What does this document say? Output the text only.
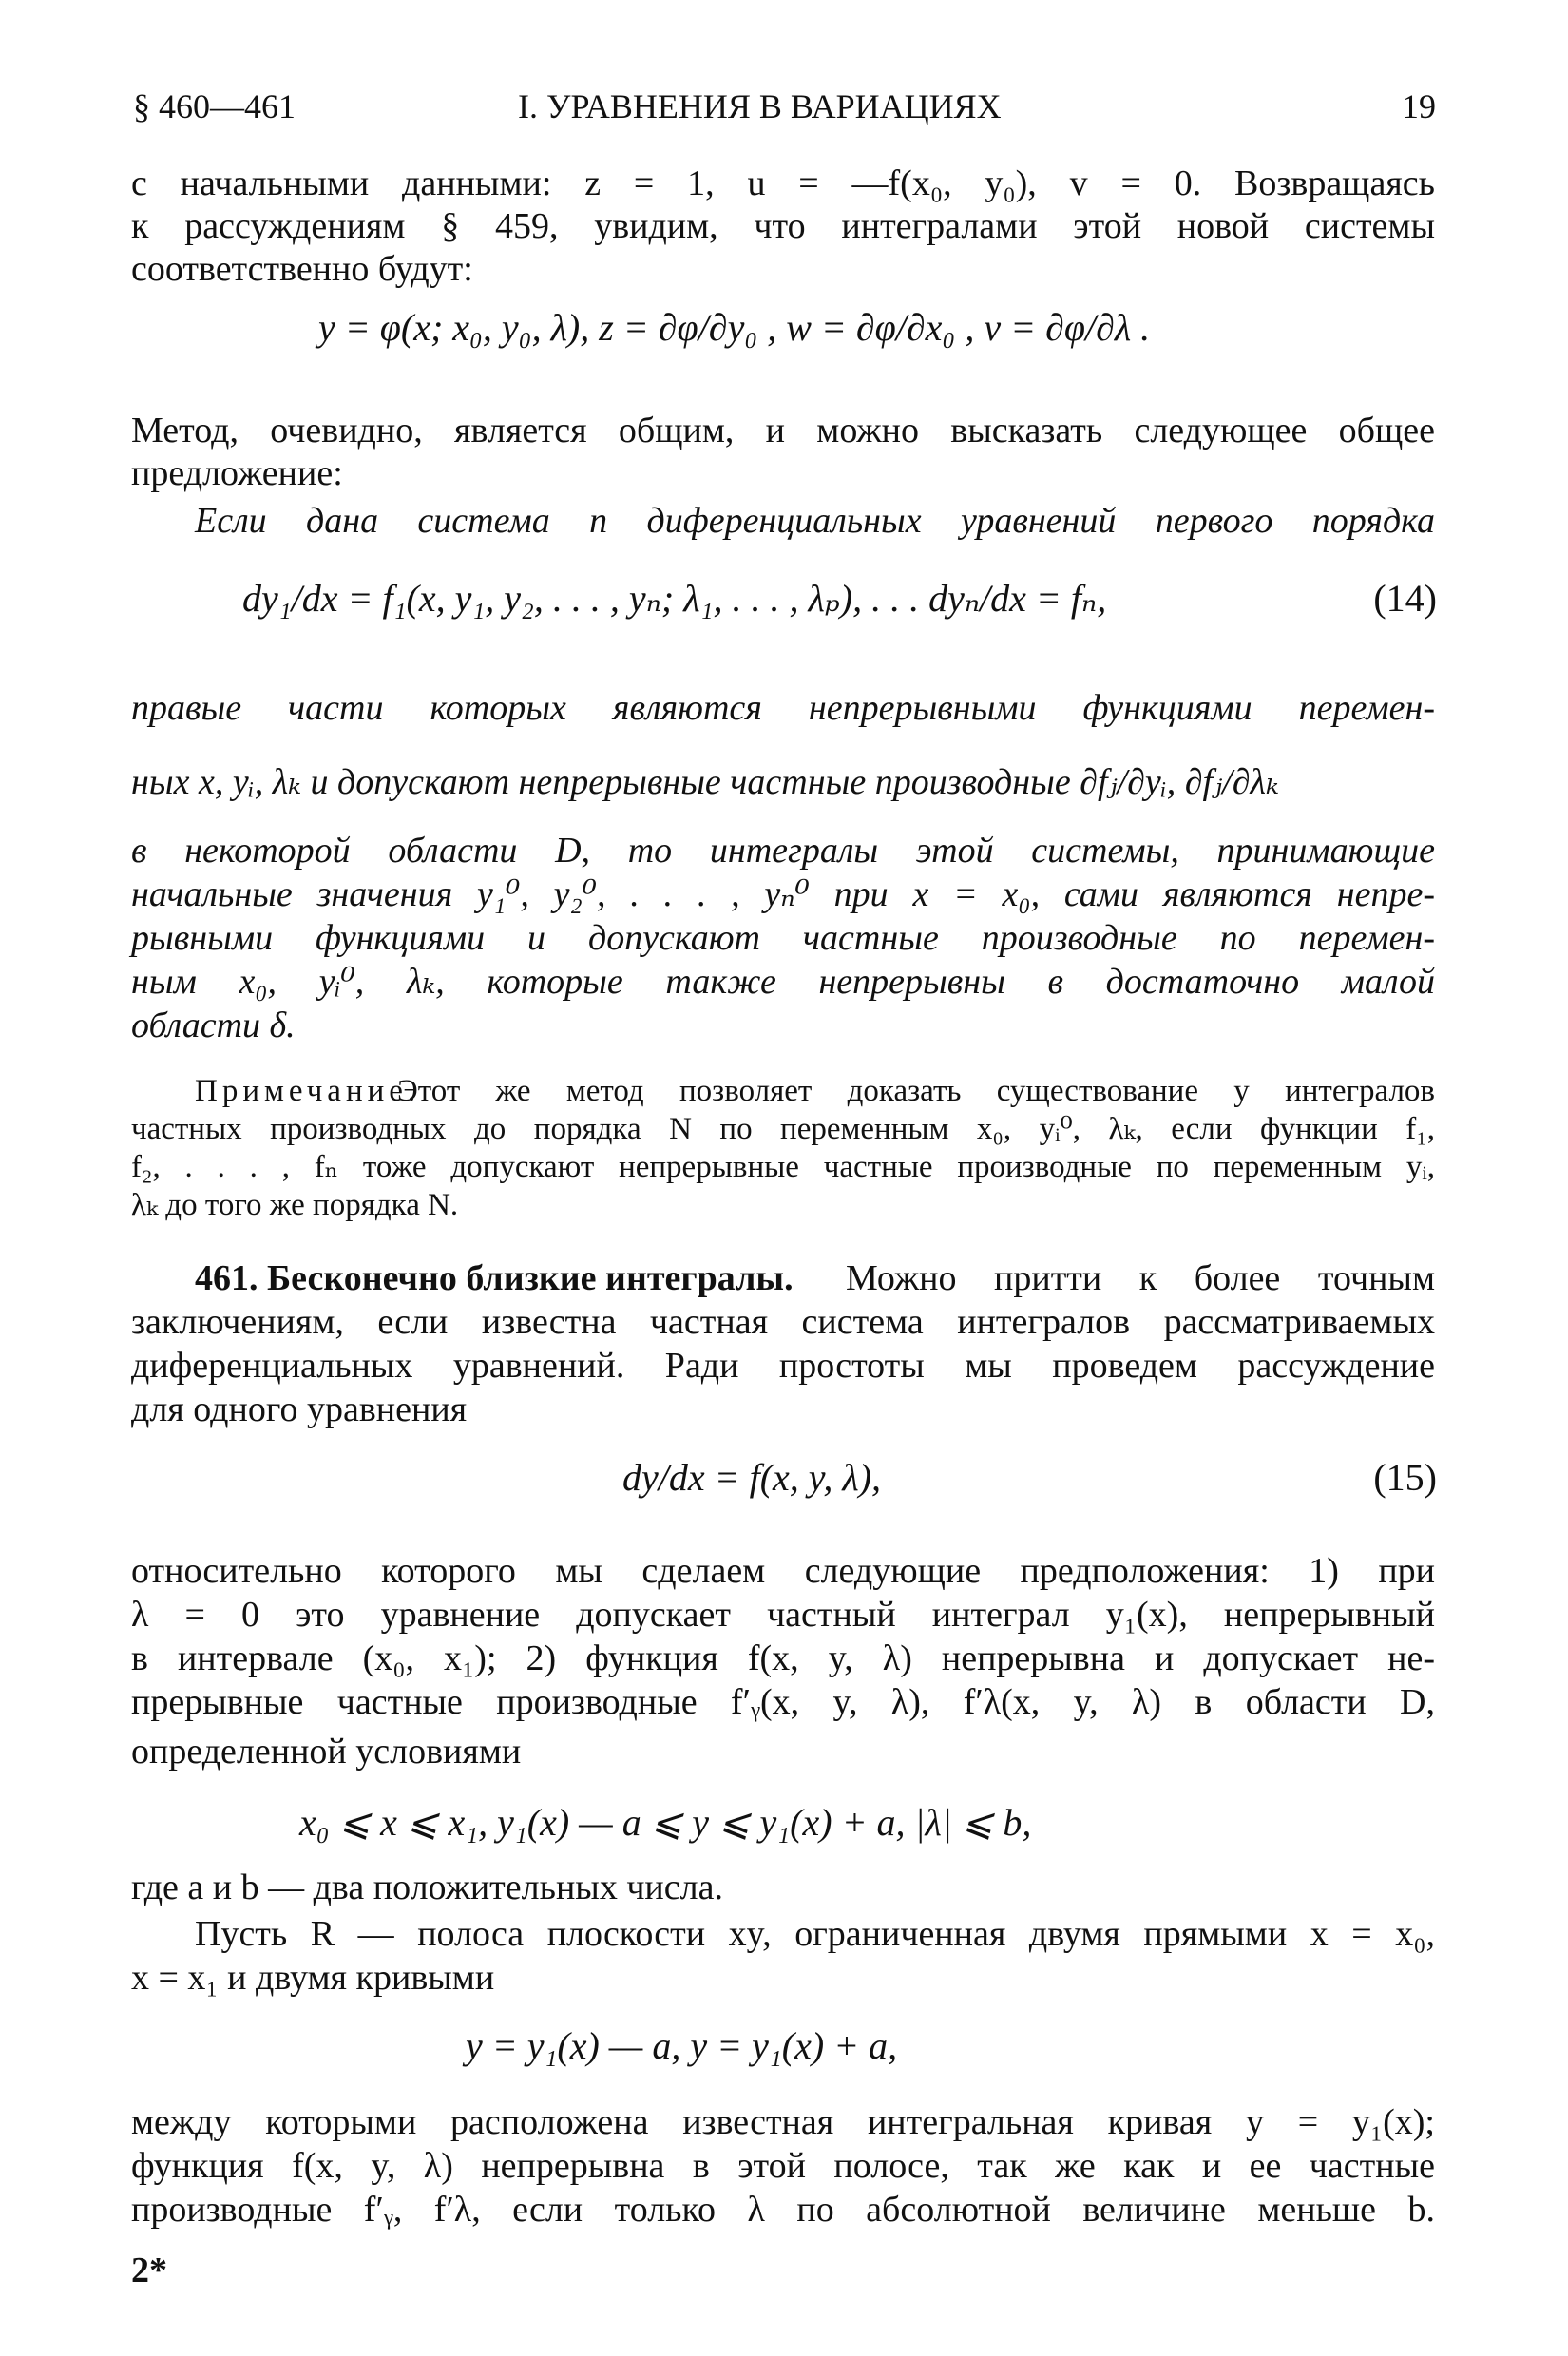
§ 460—461	I. УРАВНЕНИЯ В ВАРИАЦИЯХ	19
с начальными данными: z = 1, u = —f(x₀, y₀), v = 0. Возвращаясь
к рассуждениям § 459, увидим, что интегралами этой новой системы
соответственно будут:
y = φ(x; x₀, y₀, λ), z = ∂φ/∂y₀ , w = ∂φ/∂x₀ , v = ∂φ/∂λ .
Метод, очевидно, является общим, и можно высказать следующее общее
предложение:
Если дана система n диференциальных уравнений первого порядка
dy₁/dx = f₁(x, y₁, y₂, . . . , yₙ; λ₁, . . . , λₚ), . . . dyₙ/dx = fₙ,	(14)
правые части которых являются непрерывными функциями перемен-
ных x, yᵢ, λₖ и допускают непрерывные частные производные ∂fⱼ/∂yᵢ, ∂fⱼ/∂λₖ
в некоторой области D, то интегралы этой системы, принимающие
начальные значения y₁⁰, y₂⁰, . . . , yₙ⁰ при x = x₀, сами являются непре-
рывными функциями и допускают частные производные по перемен-
ным x₀, yᵢ⁰, λₖ, которые также непрерывны в достаточно малой
области δ.
Примечание.
Этот же метод позволяет доказать существование у интегралов
частных производных до порядка N по переменным x₀, yᵢ⁰, λₖ, если функции f₁,
f₂, . . . , fₙ тоже допускают непрерывные частные производные по переменным yᵢ,
λₖ до того же порядка N.
461. Бесконечно близкие интегралы. Можно притти к более точным
заключениям, если известна частная система интегралов рассматриваемых
диференциальных уравнений. Ради простоты мы проведем рассуждение
для одного уравнения
dy/dx = f(x, y, λ),	(15)
относительно которого мы сделаем следующие предположения: 1) при
λ = 0 это уравнение допускает частный интеграл y₁(x), непрерывный
в интервале (x₀, x₁); 2) функция f(x, y, λ) непрерывна и допускает не-
прерывные частные производные f′ᵧ(x, y, λ), f′λ(x, y, λ) в области D,
определенной условиями
x₀ ⩽ x ⩽ x₁, y₁(x) — a ⩽ y ⩽ y₁(x) + a, |λ| ⩽ b,
где a и b — два положительных числа.
Пусть R — полоса плоскости xy, ограниченная двумя прямыми x = x₀,
x = x₁ и двумя кривыми
y = y₁(x) — a, y = y₁(x) + a,
между которыми расположена известная интегральная кривая y = y₁(x);
функция f(x, y, λ) непрерывна в этой полосе, так же как и ее частные
производные f′ᵧ, f′λ, если только λ по абсолютной величине меньше b.
2*
